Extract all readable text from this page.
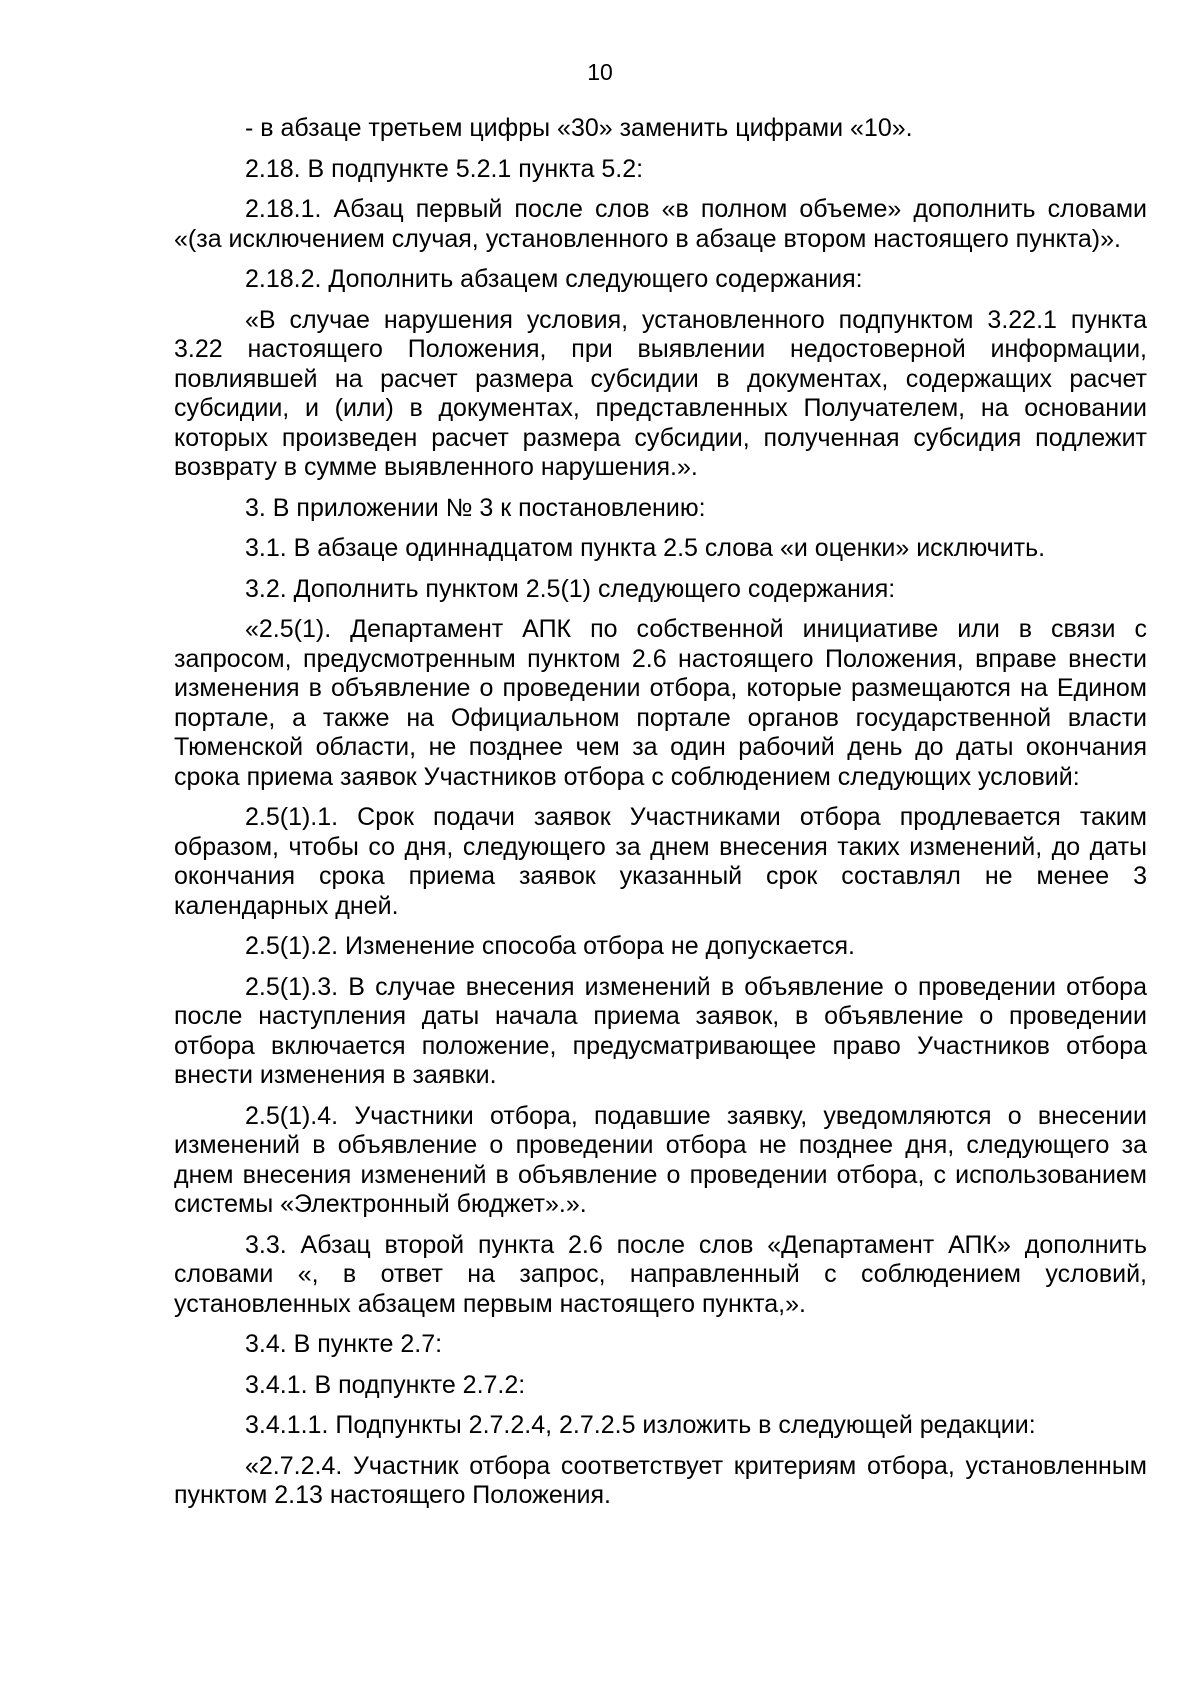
10

- в абзаце третьем цифры «30» заменить цифрами «10».

2.18. В подпункте 5.2.1 пункта 5.2:

2.18.1. Абзац первый после слов «в полном объеме» дополнить словами «(за исключением случая, установленного в абзаце втором настоящего пункта)».

2.18.2. Дополнить абзацем следующего содержания:

«В случае нарушения условия, установленного подпунктом 3.22.1 пункта 3.22 настоящего Положения, при выявлении недостоверной информации, повлиявшей на расчет размера субсидии в документах, содержащих расчет субсидии, и (или) в документах, представленных Получателем, на основании которых произведен расчет размера субсидии, полученная субсидия подлежит возврату в сумме выявленного нарушения.».

3. В приложении № 3 к постановлению:

3.1. В абзаце одиннадцатом пункта 2.5 слова «и оценки» исключить.

3.2. Дополнить пунктом 2.5(1) следующего содержания:

«2.5(1). Департамент АПК по собственной инициативе или в связи с запросом, предусмотренным пунктом 2.6 настоящего Положения, вправе внести изменения в объявление о проведении отбора, которые размещаются на Едином портале, а также на Официальном портале органов государственной власти Тюменской области, не позднее чем за один рабочий день до даты окончания срока приема заявок Участников отбора с соблюдением следующих условий:

2.5(1).1. Срок подачи заявок Участниками отбора продлевается таким образом, чтобы со дня, следующего за днем внесения таких изменений, до даты окончания срока приема заявок указанный срок составлял не менее 3 календарных дней.

2.5(1).2. Изменение способа отбора не допускается.

2.5(1).3. В случае внесения изменений в объявление о проведении отбора после наступления даты начала приема заявок, в объявление о проведении отбора включается положение, предусматривающее право Участников отбора внести изменения в заявки.

2.5(1).4. Участники отбора, подавшие заявку, уведомляются о внесении изменений в объявление о проведении отбора не позднее дня, следующего за днем внесения изменений в объявление о проведении отбора, с использованием системы «Электронный бюджет».».

3.3. Абзац второй пункта 2.6 после слов «Департамент АПК» дополнить словами «, в ответ на запрос, направленный с соблюдением условий, установленных абзацем первым настоящего пункта,».

3.4. В пункте 2.7:

3.4.1. В подпункте 2.7.2:

3.4.1.1. Подпункты 2.7.2.4, 2.7.2.5 изложить в следующей редакции:

«2.7.2.4. Участник отбора соответствует критериям отбора, установленным пунктом 2.13 настоящего Положения.
